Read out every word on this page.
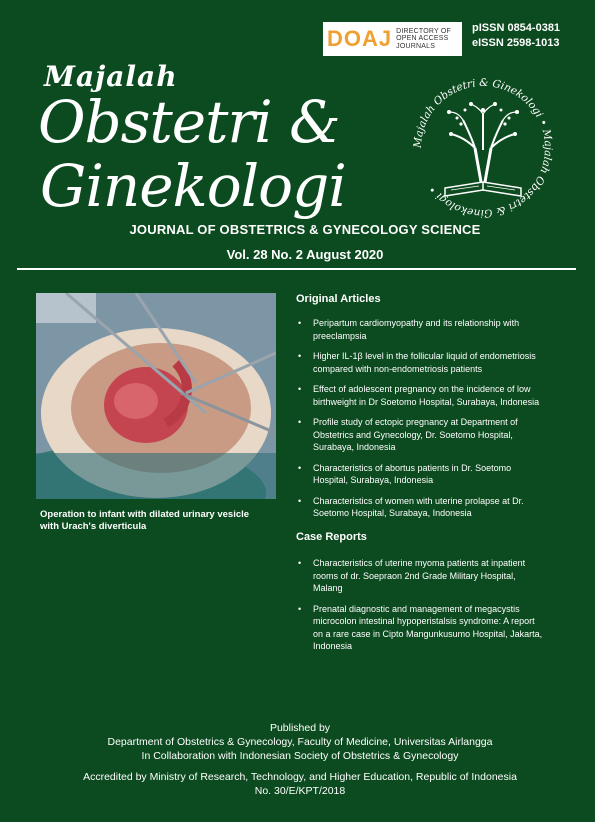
DOAJ DIRECTORY OF
OPEN ACCESS
JOURNALS
pISSN 0854-0381
eISSN 2598-1013
Majalah
Obstetri &
Ginekologi
Majalah Obstetri & Ginekologi • Majalah Obstetri & Ginekologi •
JOURNAL OF OBSTETRICS & GYNECOLOGY SCIENCE
Vol. 28 No. 2 August 2020
Operation to infant with dilated urinary vesicle
with Urach's diverticula
Original Articles
• Peripartum cardiomyopathy and its relationship with
preeclampsia
• Higher IL-1β level in the follicular liquid of endometriosis
compared with non-endometriosis patients
• Effect of adolescent pregnancy on the incidence of low
birthweight in Dr Soetomo Hospital, Surabaya, Indonesia
• Profile study of ectopic pregnancy at Department of
Obstetrics and Gynecology, Dr. Soetomo Hospital,
Surabaya, Indonesia
• Characteristics of abortus patients in Dr. Soetomo
Hospital, Surabaya, Indonesia
• Characteristics of women with uterine prolapse at Dr.
Soetomo Hospital, Surabaya, Indonesia
Case Reports
• Characteristics of uterine myoma patients at inpatient
rooms of dr. Soepraon 2nd Grade Military Hospital,
Malang
• Prenatal diagnostic and management of megacystis
microcolon intestinal hypoperistalsis syndrome: A report
on a rare case in Cipto Mangunkusumo Hospital, Jakarta,
Indonesia
Published by
Department of Obstetrics & Gynecology, Faculty of Medicine, Universitas Airlangga
In Collaboration with Indonesian Society of Obstetrics & Gynecology
Accredited by Ministry of Research, Technology, and Higher Education, Republic of Indonesia
No. 30/E/KPT/2018
